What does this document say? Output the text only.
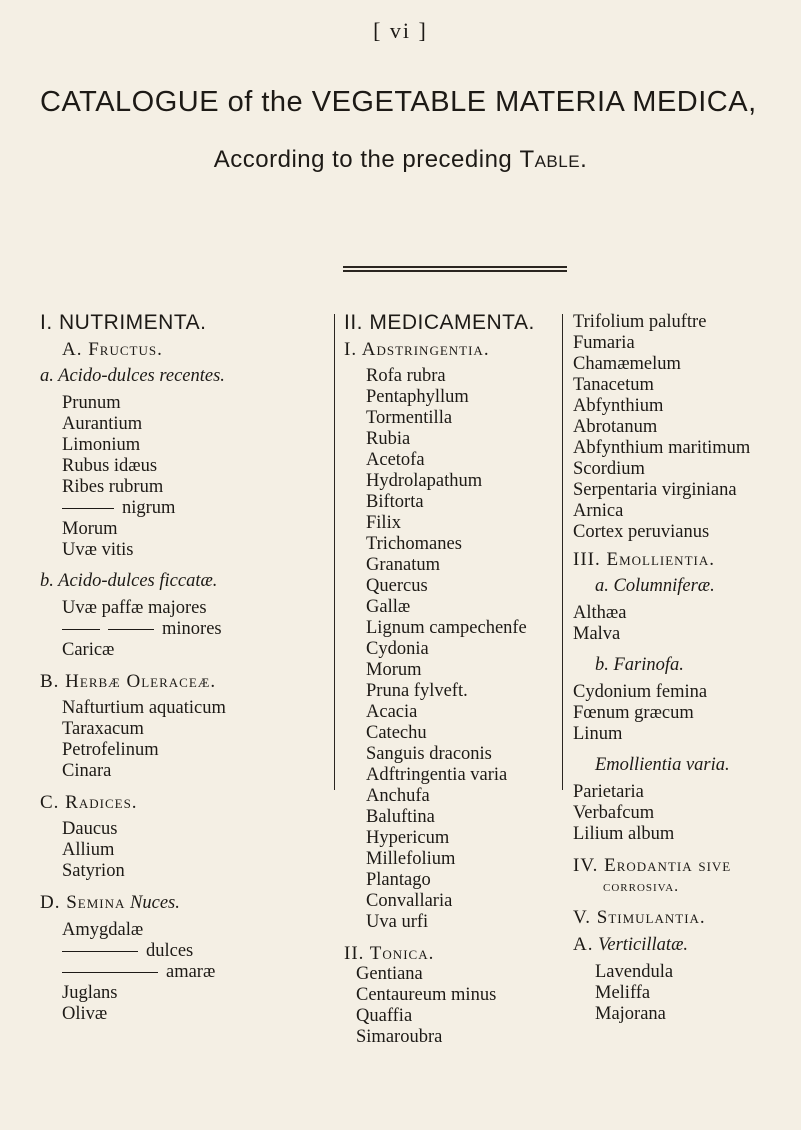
[ vi ]
CATALOGUE of the VEGETABLE MATERIA MEDICA,
According to the preceding Table.
I. NUTRIMENTA.
A. Fructus.
a. Acido-dulces recentes.
Prunum
Aurantium
Limonium
Rubus idæus
Ribes rubrum
nigrum
Morum
Uvæ vitis
b. Acido-dulces ficcatæ.
Uvæ paffæ majores
minores
Caricæ
B. Herbæ Oleraceæ.
Nafturtium aquaticum
Taraxacum
Petrofelinum
Cinara
C. Radices.
Daucus
Allium
Satyrion
D. Semina Nuces.
Amygdalæ
dulces
amaræ
Juglans
Olivæ
II. MEDICAMENTA.
I. Adstringentia.
Rofa rubra
Pentaphyllum
Tormentilla
Rubia
Acetofa
Hydrolapathum
Biftorta
Filix
Trichomanes
Granatum
Quercus
Gallæ
Lignum campechenfe
Cydonia
Morum
Pruna fylveft.
Acacia
Catechu
Sanguis draconis
Adftringentia varia
Anchufa
Baluftina
Hypericum
Millefolium
Plantago
Convallaria
Uva urfi
II. Tonica.
Gentiana
Centaureum minus
Quaffia
Simaroubra
Trifolium paluftre
Fumaria
Chamæmelum
Tanacetum
Abfynthium
Abrotanum
Abfynthium maritimum
Scordium
Serpentaria virginiana
Arnica
Cortex peruvianus
III. Emollientia.
a. Columniferæ.
Althæa
Malva
b. Farinofa.
Cydonium femina
Fœnum græcum
Linum
Emollientia varia.
Parietaria
Verbafcum
Lilium album
IV. Erodantia sive
corrosiva.
V. Stimulantia.
A. Verticillatæ.
Lavendula
Meliffa
Majorana
